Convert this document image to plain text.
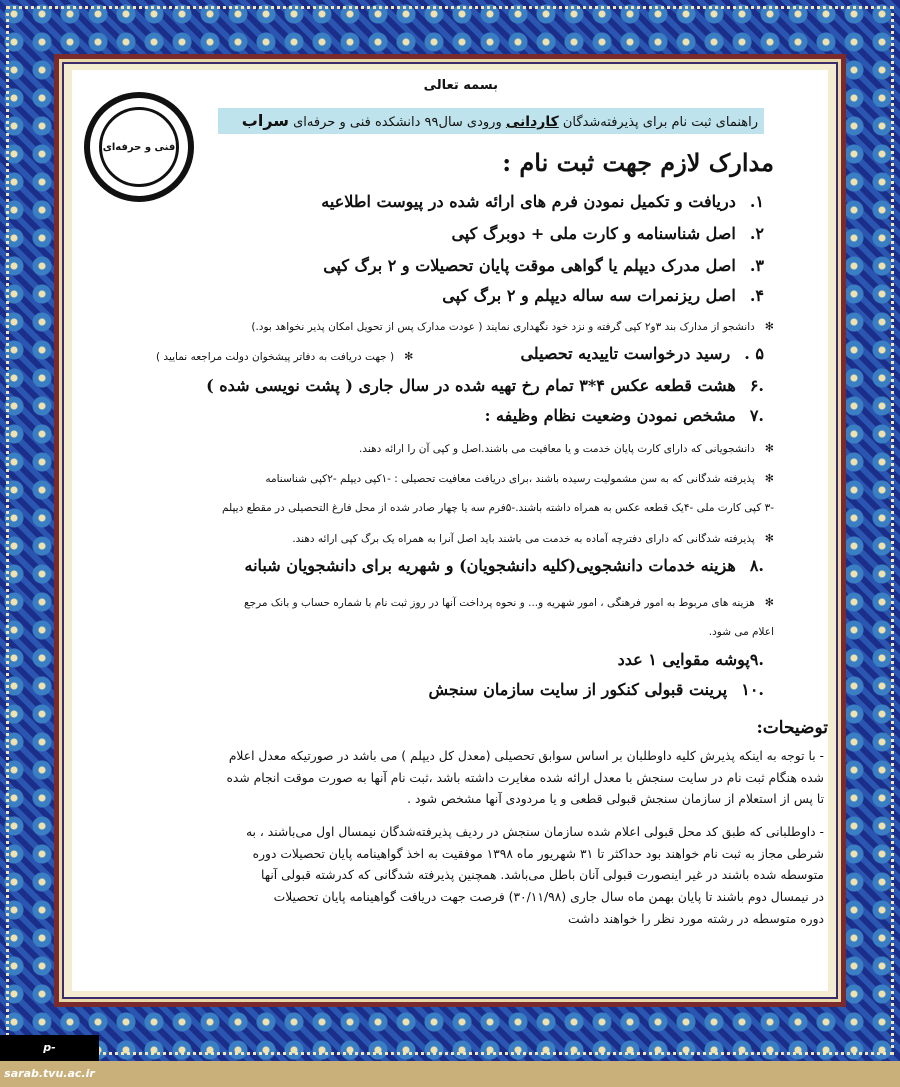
فنی و حرفه‌ای
بسمه تعالی
راهنمای ثبت نام برای پذیرفته‌شدگان کاردانی ورودی سال۹۹ دانشکده فنی و حرفه‌ای سراب
مدارک لازم جهت ثبت نام :
۱.دریافت و تکمیل نمودن فرم های ارائه شده در پیوست اطلاعیه
۲.اصل شناسنامه و کارت ملی + دوبرگ کپی
۳.اصل مدرک دیپلم یا گواهی موقت پایان تحصیلات و ۲ برگ کپی
۴.اصل ریزنمرات سه ساله دیپلم و ۲ برگ کپی
✻دانشجو از مدارک بند ۳و۲ کپی گرفته و نزد خود نگهداری نمایند ( عودت مدارک پس از تحویل امکان پذیر نخواهد بود.)
۵ .رسید درخواست تاییدیه تحصیلی
✻( جهت دریافت به دفاتر پیشخوان دولت مراجعه نمایید )
.۶هشت قطعه عکس ۴*۳ تمام رخ تهیه شده در سال جاری ( پشت نویسی شده )
.۷مشخص نمودن وضعیت نظام وظیفه :
✻دانشجویانی که دارای کارت پایان خدمت و یا معافیت می باشند.اصل و کپی آن را ارائه دهند.
✻پذیرفته شدگانی که به سن مشمولیت رسیده باشند ،برای دریافت معافیت تحصیلی : -۱کپی دیپلم -۲کپی شناسنامه
-۳ کپی کارت ملی -۴یک قطعه عکس به همراه داشته باشند.-۵فرم سه یا چهار صادر شده از محل فارغ التحصیلی در مقطع دیپلم
✻پذیرفته شدگانی که دارای دفترچه آماده به خدمت می باشند باید اصل آنرا به همراه یک برگ کپی ارائه دهند.
.۸هزینه خدمات دانشجویی(کلیه دانشجویان) و شهریه برای دانشجویان شبانه
✻هزینه های مربوط به امور فرهنگی ، امور شهریه و... و نحوه پرداخت آنها در روز ثبت نام با شماره حساب و بانک مرجع
اعلام می شود.
.۹پوشه مقوایی ۱ عدد
.۱۰پرینت قبولی کنکور از سایت سازمان سنجش
توضیحات:
- با توجه به اینکه پذیرش کلیه داوطلبان بر اساس سوابق تحصیلی (معدل کل دیپلم ) می باشد در صورتیکه معدل اعلام
شده هنگام ثبت نام در سایت سنجش با معدل ارائه شده مغایرت داشته باشد ،ثبت نام آنها به صورت موقت انجام شده
تا پس از استعلام از سازمان سنجش قبولی قطعی و یا مردودی آنها مشخص شود .
- داوطلبانی که طبق کد محل قبولی اعلام شده سازمان سنجش در ردیف پذیرفته‌شدگان نیمسال اول می‌باشند ، به
شرطی مجاز به ثبت نام خواهند بود حداکثر تا ۳۱ شهریور ماه ۱۳۹۸ موفقیت به اخذ گواهینامه پایان تحصیلات دوره
متوسطه شده باشند در غیر اینصورت قبولی آنان باطل می‌باشد. همچنین پذیرفته شدگانی که کدرشته قبولی آنها
در نیمسال دوم باشند تا پایان بهمن ماه سال جاری (۳۰/۱۱/۹۸) فرصت جهت دریافت گواهینامه پایان تحصیلات
دوره متوسطه در رشته مورد نظر را خواهند داشت
p-sarab.tvu.ac.ir
